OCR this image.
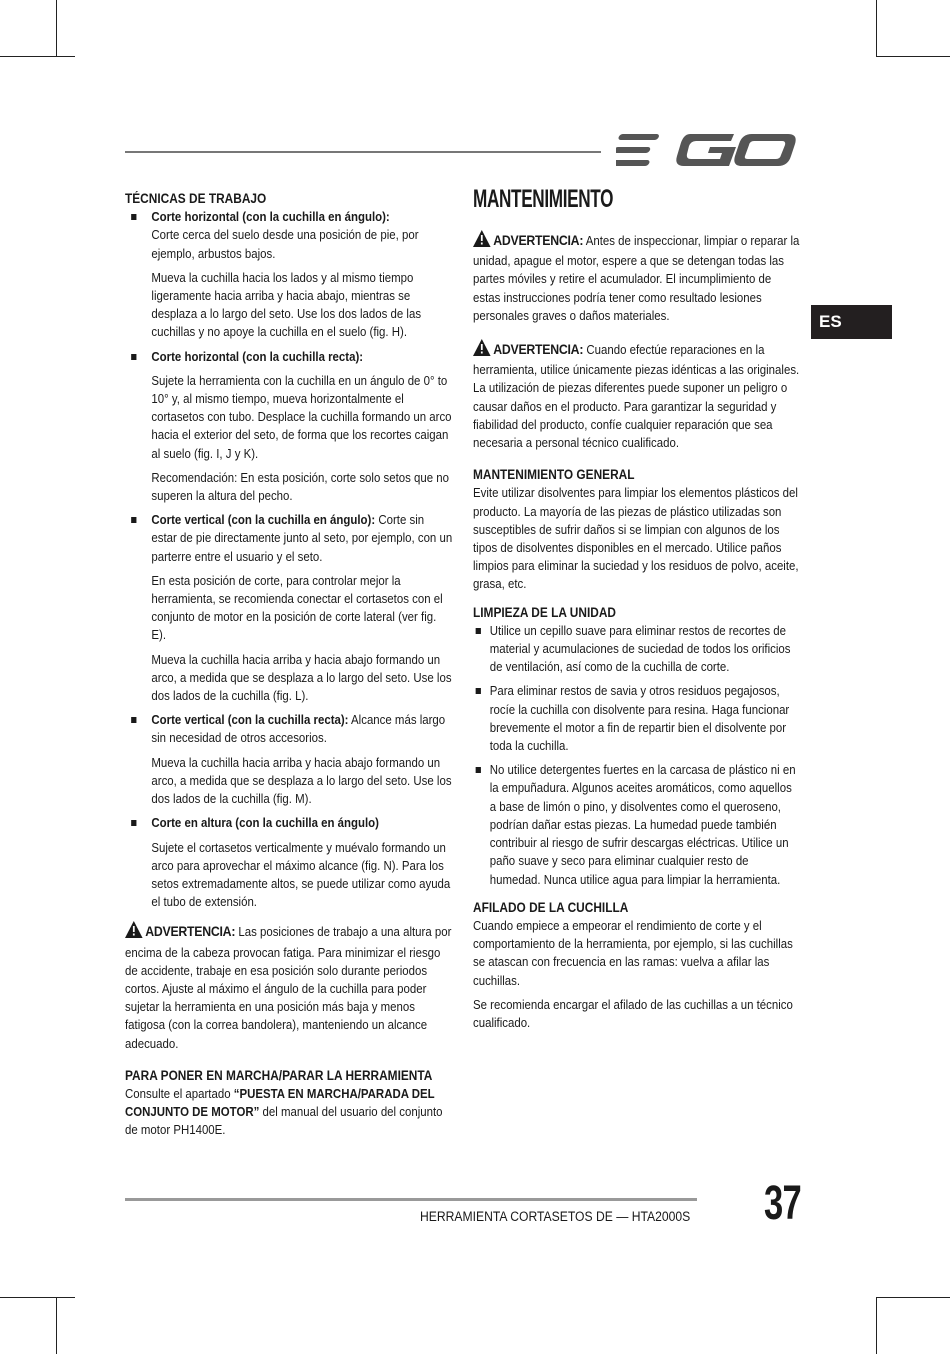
ES

TÉCNICAS DE TRABAJO

Corte horizontal (con la cuchilla en ángulo):
Corte cerca del suelo desde una posición de pie, por ejemplo, arbustos bajos.

Mueva la cuchilla hacia los lados y al mismo tiempo ligeramente hacia arriba y hacia abajo, mientras se desplaza a lo largo del seto. Use los dos lados de las cuchillas y no apoye la cuchilla en el suelo (fig. H).

Corte horizontal (con la cuchilla recta):

Sujete la herramienta con la cuchilla en un ángulo de 0° to 10° y, al mismo tiempo, mueva horizontalmente el cortasetos con tubo. Desplace la cuchilla formando un arco hacia el exterior del seto, de forma que los recortes caigan al suelo (fig. I, J y K).

Recomendación: En esta posición, corte solo setos que no superen la altura del pecho.

Corte vertical (con la cuchilla en ángulo): Corte sin estar de pie directamente junto al seto, por ejemplo, con un parterre entre el usuario y el seto.

En esta posición de corte, para controlar mejor la herramienta, se recomienda conectar el cortasetos con el conjunto de motor en la posición de corte lateral (ver fig. E).

Mueva la cuchilla hacia arriba y hacia abajo formando un arco, a medida que se desplaza a lo largo del seto. Use los dos lados de la cuchilla (fig. L).

Corte vertical (con la cuchilla recta): Alcance más largo sin necesidad de otros accesorios.

Mueva la cuchilla hacia arriba y hacia abajo formando un arco, a medida que se desplaza a lo largo del seto. Use los dos lados de la cuchilla (fig. M).

Corte en altura (con la cuchilla en ángulo)

Sujete el cortasetos verticalmente y muévalo formando un arco para aprovechar el máximo alcance (fig. N). Para los setos extremadamente altos, se puede utilizar como ayuda el tubo de extensión.

ADVERTENCIA: Las posiciones de trabajo a una altura por encima de la cabeza provocan fatiga. Para minimizar el riesgo de accidente, trabaje en esa posición solo durante periodos cortos. Ajuste al máximo el ángulo de la cuchilla para poder sujetar la herramienta en una posición más baja y menos fatigosa (con la correa bandolera), manteniendo un alcance adecuado.

PARA PONER EN MARCHA/PARAR LA HERRAMIENTA

Consulte el apartado “PUESTA EN MARCHA/PARADA DEL CONJUNTO DE MOTOR” del manual del usuario del conjunto de motor PH1400E.

MANTENIMIENTO

ADVERTENCIA: Antes de inspeccionar, limpiar o reparar la unidad, apague el motor, espere a que se detengan todas las partes móviles y retire el acumulador. El incumplimiento de estas instrucciones podría tener como resultado lesiones personales graves o daños materiales.

ADVERTENCIA: Cuando efectúe reparaciones en la herramienta, utilice únicamente piezas idénticas a las originales. La utilización de piezas diferentes puede suponer un peligro o causar daños en el producto. Para garantizar la seguridad y fiabilidad del producto, confíe cualquier reparación que sea necesaria a personal técnico cualificado.

MANTENIMIENTO GENERAL

Evite utilizar disolventes para limpiar los elementos plásticos del producto. La mayoría de las piezas de plástico utilizadas son susceptibles de sufrir daños si se limpian con algunos de los tipos de disolventes disponibles en el mercado. Utilice paños limpios para eliminar la suciedad y los residuos de polvo, aceite, grasa, etc.

LIMPIEZA DE LA UNIDAD

Utilice un cepillo suave para eliminar restos de recortes de material y acumulaciones de suciedad de todos los orificios de ventilación, así como de la cuchilla de corte.

Para eliminar restos de savia y otros residuos pegajosos, rocíe la cuchilla con disolvente para resina. Haga funcionar brevemente el motor a fin de repartir bien el disolvente por toda la cuchilla.

No utilice detergentes fuertes en la carcasa de plástico ni en la empuñadura. Algunos aceites aromáticos, como aquellos a base de limón o pino, y disolventes como el queroseno, podrían dañar estas piezas. La humedad puede también contribuir al riesgo de sufrir descargas eléctricas. Utilice un paño suave y seco para eliminar cualquier resto de humedad. Nunca utilice agua para limpiar la herramienta.

AFILADO DE LA CUCHILLA

Cuando empiece a empeorar el rendimiento de corte y el comportamiento de la herramienta, por ejemplo, si las cuchillas se atascan con frecuencia en las ramas: vuelva a afilar las cuchillas.

Se recomienda encargar el afilado de las cuchillas a un técnico cualificado.

HERRAMIENTA CORTASETOS DE — HTA2000S 37
